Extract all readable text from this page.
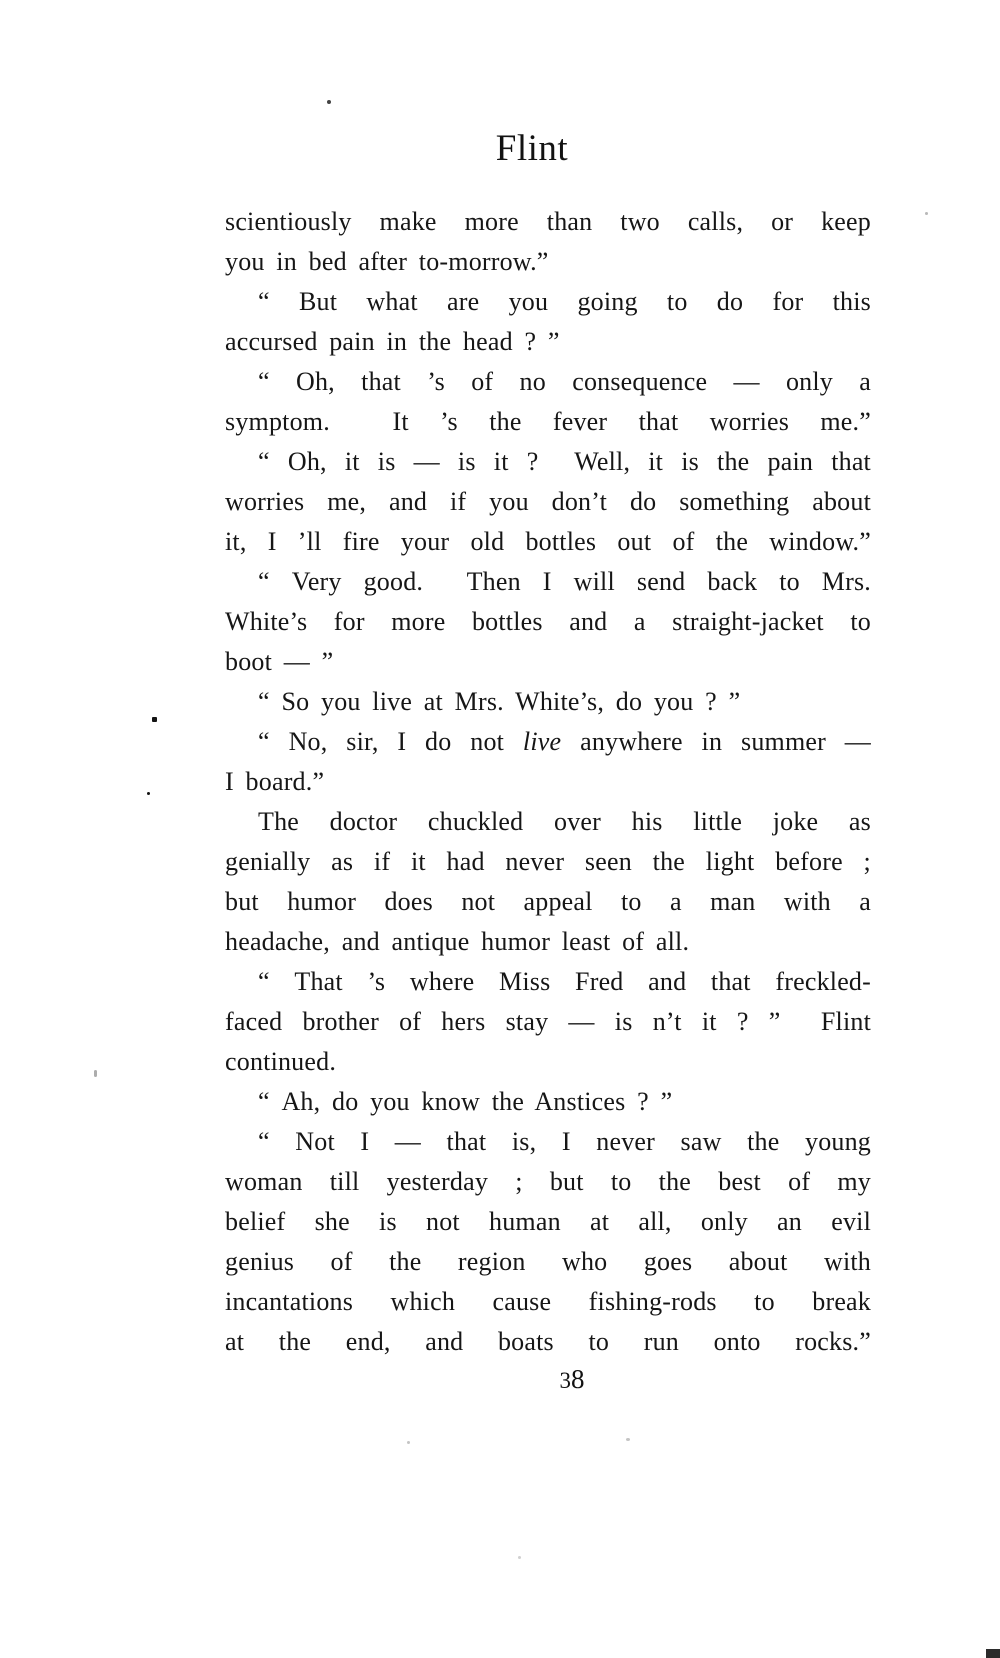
Flint
scientiously make more than two calls, or keep
you in bed after to-morrow.”
“ But what are you going to do for this
accursed pain in the head ? ”
“ Oh, that ’s of no consequence — only a
symptom.  It ’s the fever that worries me.”
“ Oh, it is — is it ?  Well, it is the pain that
worries me, and if you don’t do something about
it, I ’ll fire your old bottles out of the window.”
“ Very good.  Then I will send back to Mrs.
White’s for more bottles and a straight-jacket to
boot — ”
“ So you live at Mrs. White’s, do you ? ”
“ No, sir, I do not live anywhere in summer —
I board.”
The doctor chuckled over his little joke as
genially as if it had never seen the light before ;
but humor does not appeal to a man with a
headache, and antique humor least of all.
“ That ’s where Miss Fred and that freckled-
faced brother of hers stay — is n’t it ? ”  Flint
continued.
“ Ah, do you know the Anstices ? ”
“ Not I — that is, I never saw the young
woman till yesterday ; but to the best of my
belief she is not human at all, only an evil
genius of the region who goes about with
incantations which cause fishing-rods to break
at the end, and boats to run onto rocks.”
38
